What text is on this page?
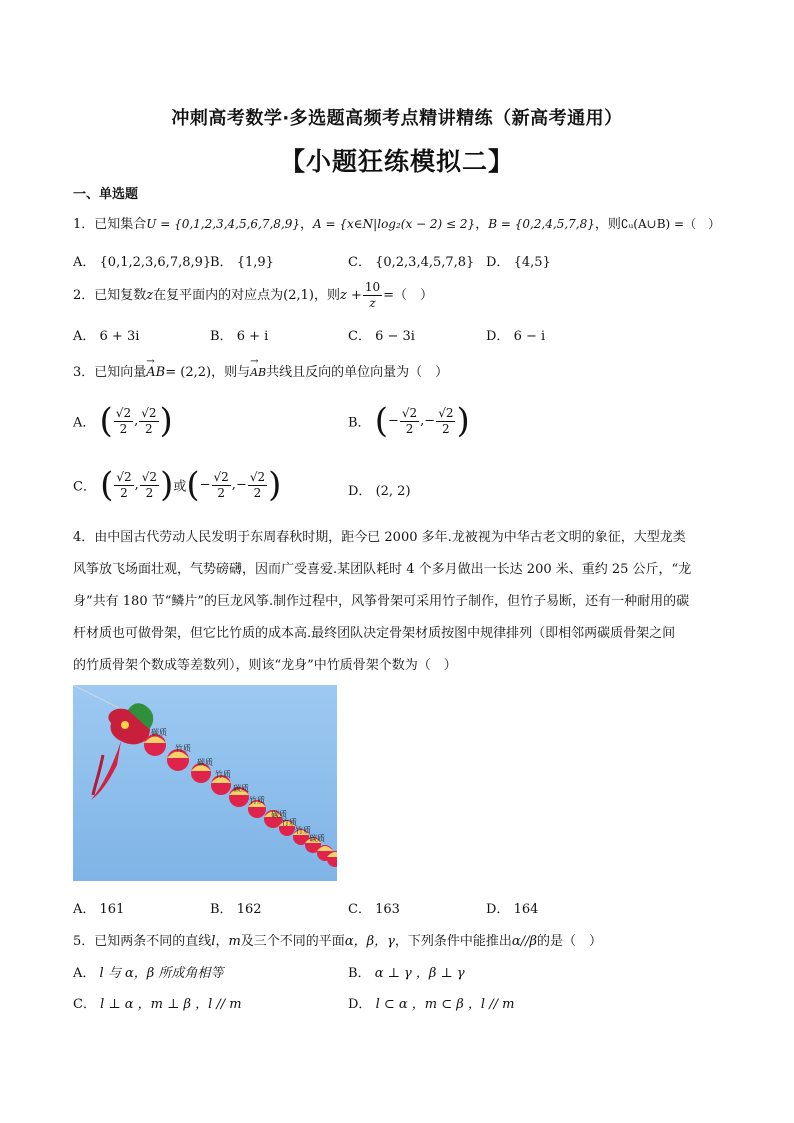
冲刺高考数学·多选题高频考点精讲精练（新高考通用）
【小题狂练模拟二】
一、单选题
1．已知集合U = {0,1,2,3,4,5,6,7,8,9}，A = {x∈N|log₂(x − 2) ≤ 2}，B = {0,2,4,5,7,8}，则∁ᵤ(A∪B) =（　）
A． {0,1,2,3,6,7,8,9}
B． {1,9}	C． {0,2,3,4,5,7,8} D． {4,5}
2．已知复数z在复平面内的对应点为(2,1)，则$z + \frac{10}{z}$ =（　）
A． 6 + 3i	B． 6 + i	C． 6 − 3i	D． 6 − i
3．已知向量
→
AB= (2,2)，则与
→
AB共线且反向的单位向量为（　）
A． ( $\frac{√2}{2}$ , $\frac{√2}{2}$ )	B． (− $\frac{√2}{2}$ ,− $\frac{√2}{2}$ )
C． ( $\frac{√2}{2}$ , $\frac{√2}{2}$ )或(− $\frac{√2}{2}$ ,− $\frac{√2}{2}$ )	D． (2, 2)
4．由中国古代劳动人民发明于东周春秋时期，距今已 2000 多年.龙被视为中华古老文明的象征，大型龙类
风筝放飞场面壮观，气势磅礴，因而广受喜爱.某团队耗时 4 个多月做出一长达 200 米、重约 25 公斤，“龙
身”共有 180 节“鳞片”的巨龙风筝.制作过程中，风筝骨架可采用竹子制作，但竹子易断，还有一种耐用的碳
杆材质也可做骨架，但它比竹质的成本高.最终团队决定骨架材质按图中规律排列（即相邻两碳质骨架之间
的竹质骨架个数成等差数列），则该“龙身”中竹质骨架个数为（　）
碳质
竹质
碳质
竹质
碳质
竹质
碳质
竹质
竹质
碳质
A． 161	B． 162	C． 163	D． 164
5．已知两条不同的直线l，m及三个不同的平面α，β，γ，下列条件中能推出α//β的是（　）
A． l 与 α，β 所成角相等	B． α ⊥ γ ，β ⊥ γ
C． l ⊥ α ，m ⊥ β ，l // m	D． l ⊂ α ，m ⊂ β ，l // m
